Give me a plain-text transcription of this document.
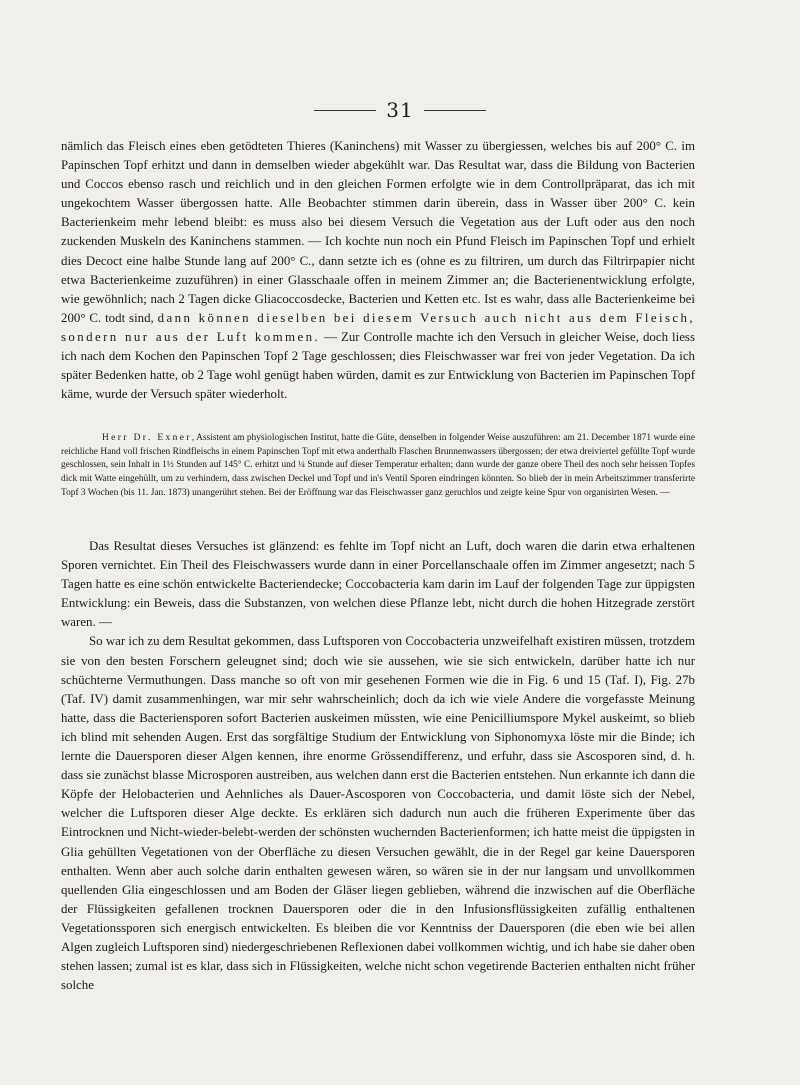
31

nämlich das Fleisch eines eben getödteten Thieres (Kaninchens) mit Wasser zu übergiessen, welches bis auf 200° C. im Papinschen Topf erhitzt und dann in demselben wieder abgekühlt war. Das Resultat war, dass die Bildung von Bacterien und Coccos ebenso rasch und reichlich und in den gleichen Formen erfolgte wie in dem Controllpräparat, das ich mit ungekochtem Wasser übergossen hatte. Alle Beobachter stimmen darin überein, dass in Wasser über 200° C. kein Bacterienkeim mehr lebend bleibt: es muss also bei diesem Versuch die Vegetation aus der Luft oder aus den noch zuckenden Muskeln des Kaninchens stammen. — Ich kochte nun noch ein Pfund Fleisch im Papinschen Topf und erhielt dies Decoct eine halbe Stunde lang auf 200° C., dann setzte ich es (ohne es zu filtriren, um durch das Filtrirpapier nicht etwa Bacterienkeime zuzuführen) in einer Glasschaale offen in meinem Zimmer an; die Bacterienentwicklung erfolgte, wie gewöhnlich; nach 2 Tagen dicke Gliacoccosdecke, Bacterien und Ketten etc. Ist es wahr, dass alle Bacterienkeime bei 200° C. todt sind, dann können dieselben bei diesem Versuch auch nicht aus dem Fleisch, sondern nur aus der Luft kommen. — Zur Controlle machte ich den Versuch in gleicher Weise, doch liess ich nach dem Kochen den Papinschen Topf 2 Tage geschlossen; dies Fleischwasser war frei von jeder Vegetation. Da ich später Bedenken hatte, ob 2 Tage wohl genügt haben würden, damit es zur Entwicklung von Bacterien im Papinschen Topf käme, wurde der Versuch später wiederholt.

Herr Dr. Exner, Assistent am physiologischen Institut, hatte die Güte, denselben in folgender Weise auszuführen: am 21. December 1871 wurde eine reichliche Hand voll frischen Rindfleischs in einem Papinschen Topf mit etwa anderthalb Flaschen Brunnenwassers übergossen; der etwa dreiviertel gefüllte Topf wurde geschlossen, sein Inhalt in 1½ Stunden auf 145° C. erhitzt und ¼ Stunde auf dieser Temperatur erhalten; dann wurde der ganze obere Theil des noch sehr heissen Topfes dick mit Watte eingehüllt, um zu verhindern, dass zwischen Deckel und Topf und in's Ventil Sporen eindringen könnten. So blieb der in mein Arbeitszimmer transferirte Topf 3 Wochen (bis 11. Jan. 1873) unangerührt stehen. Bei der Eröffnung war das Fleischwasser ganz geruchlos und zeigte keine Spur von organisirten Wesen. —

Das Resultat dieses Versuches ist glänzend: es fehlte im Topf nicht an Luft, doch waren die darin etwa erhaltenen Sporen vernichtet. Ein Theil des Fleischwassers wurde dann in einer Porcellanschaale offen im Zimmer angesetzt; nach 5 Tagen hatte es eine schön entwickelte Bacteriendecke; Coccobacteria kam darin im Lauf der folgenden Tage zur üppigsten Entwicklung: ein Beweis, dass die Substanzen, von welchen diese Pflanze lebt, nicht durch die hohen Hitzegrade zerstört waren. —

So war ich zu dem Resultat gekommen, dass Luftsporen von Coccobacteria unzweifelhaft existiren müssen, trotzdem sie von den besten Forschern geleugnet sind; doch wie sie aussehen, wie sie sich entwickeln, darüber hatte ich nur schüchterne Vermuthungen. Dass manche so oft von mir gesehenen Formen wie die in Fig. 6 und 15 (Taf. I), Fig. 27b (Taf. IV) damit zusammenhingen, war mir sehr wahrscheinlich; doch da ich wie viele Andere die vorgefasste Meinung hatte, dass die Bacteriensporen sofort Bacterien auskeimen müssten, wie eine Penicilliumspore Mykel auskeimt, so blieb ich blind mit sehenden Augen. Erst das sorgfältige Studium der Entwicklung von Siphonomyxa löste mir die Binde; ich lernte die Dauersporen dieser Algen kennen, ihre enorme Grössendifferenz, und erfuhr, dass sie Ascosporen sind, d. h. dass sie zunächst blasse Microsporen austreiben, aus welchen dann erst die Bacterien entstehen. Nun erkannte ich dann die Köpfe der Helobacterien und Aehnliches als Dauer-Ascosporen von Coccobacteria, und damit löste sich der Nebel, welcher die Luftsporen dieser Alge deckte. Es erklären sich dadurch nun auch die früheren Experimente über das Eintrocknen und Nicht-wieder-belebt-werden der schönsten wuchernden Bacterienformen; ich hatte meist die üppigsten in Glia gehüllten Vegetationen von der Oberfläche zu diesen Versuchen gewählt, die in der Regel gar keine Dauersporen enthalten. Wenn aber auch solche darin enthalten gewesen wären, so wären sie in der nur langsam und unvollkommen quellenden Glia eingeschlossen und am Boden der Gläser liegen geblieben, während die inzwischen auf die Oberfläche der Flüssigkeiten gefallenen trocknen Dauersporen oder die in den Infusionsflüssigkeiten zufällig enthaltenen Vegetationssporen sich energisch entwickelten. Es bleiben die vor Kenntniss der Dauersporen (die eben wie bei allen Algen zugleich Luftsporen sind) niedergeschriebenen Reflexionen dabei vollkommen wichtig, und ich habe sie daher oben stehen lassen; zumal ist es klar, dass sich in Flüssigkeiten, welche nicht schon vegetirende Bacterien enthalten nicht früher solche
